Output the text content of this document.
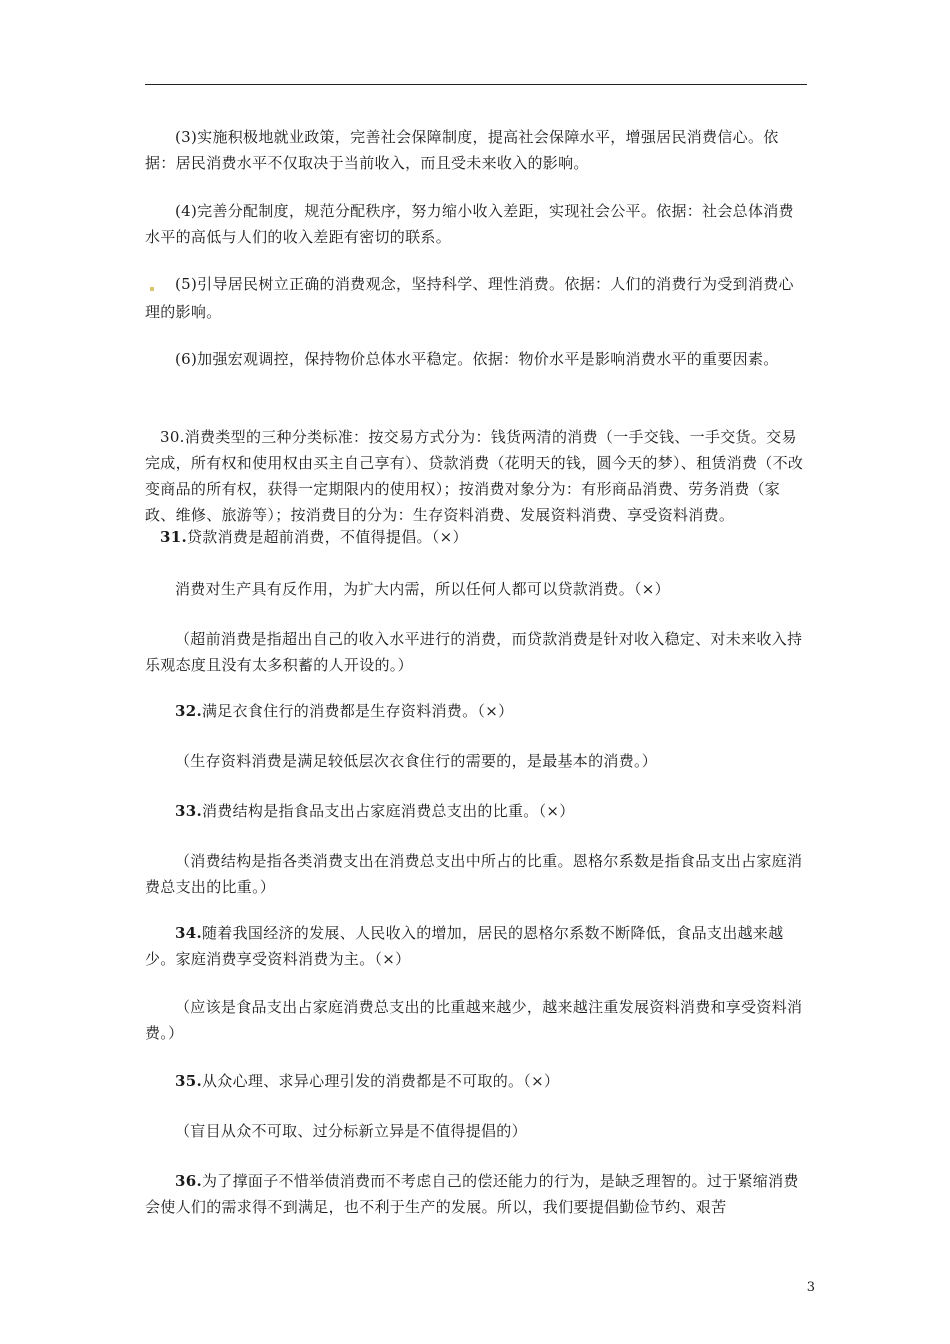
(3)实施积极地就业政策，完善社会保障制度，提高社会保障水平，增强居民消费信心。依据：居民消费水平不仅取决于当前收入，而且受未来收入的影响。

(4)完善分配制度，规范分配秩序，努力缩小收入差距，实现社会公平。依据：社会总体消费水平的高低与人们的收入差距有密切的联系。

(5)引导居民树立正确的消费观念，坚持科学、理性消费。依据：人们的消费行为受到消费心理的影响。

(6)加强宏观调控，保持物价总体水平稳定。依据：物价水平是影响消费水平的重要因素。

30.消费类型的三种分类标准：按交易方式分为：钱货两清的消费（一手交钱、一手交货。交易完成，所有权和使用权由买主自己享有）、贷款消费（花明天的钱，圆今天的梦）、租赁消费（不改变商品的所有权，获得一定期限内的使用权）；按消费对象分为：有形商品消费、劳务消费（家政、维修、旅游等）；按消费目的分为：生存资料消费、发展资料消费、享受资料消费。

31.贷款消费是超前消费，不值得提倡。（×）

消费对生产具有反作用，为扩大内需，所以任何人都可以贷款消费。（×）

（超前消费是指超出自己的收入水平进行的消费，而贷款消费是针对收入稳定、对未来收入持乐观态度且没有太多积蓄的人开设的。）

32.满足衣食住行的消费都是生存资料消费。（×）

（生存资料消费是满足较低层次衣食住行的需要的，是最基本的消费。）

33.消费结构是指食品支出占家庭消费总支出的比重。（×）

（消费结构是指各类消费支出在消费总支出中所占的比重。恩格尔系数是指食品支出占家庭消费总支出的比重。）

34.随着我国经济的发展、人民收入的增加，居民的恩格尔系数不断降低，食品支出越来越少。家庭消费享受资料消费为主。（×）

（应该是食品支出占家庭消费总支出的比重越来越少，越来越注重发展资料消费和享受资料消费。）

35.从众心理、求异心理引发的消费都是不可取的。（×）

（盲目从众不可取、过分标新立异是不值得提倡的）

36.为了撑面子不惜举债消费而不考虑自己的偿还能力的行为，是缺乏理智的。过于紧缩消费会使人们的需求得不到满足，也不利于生产的发展。所以，我们要提倡勤俭节约、艰苦

3
